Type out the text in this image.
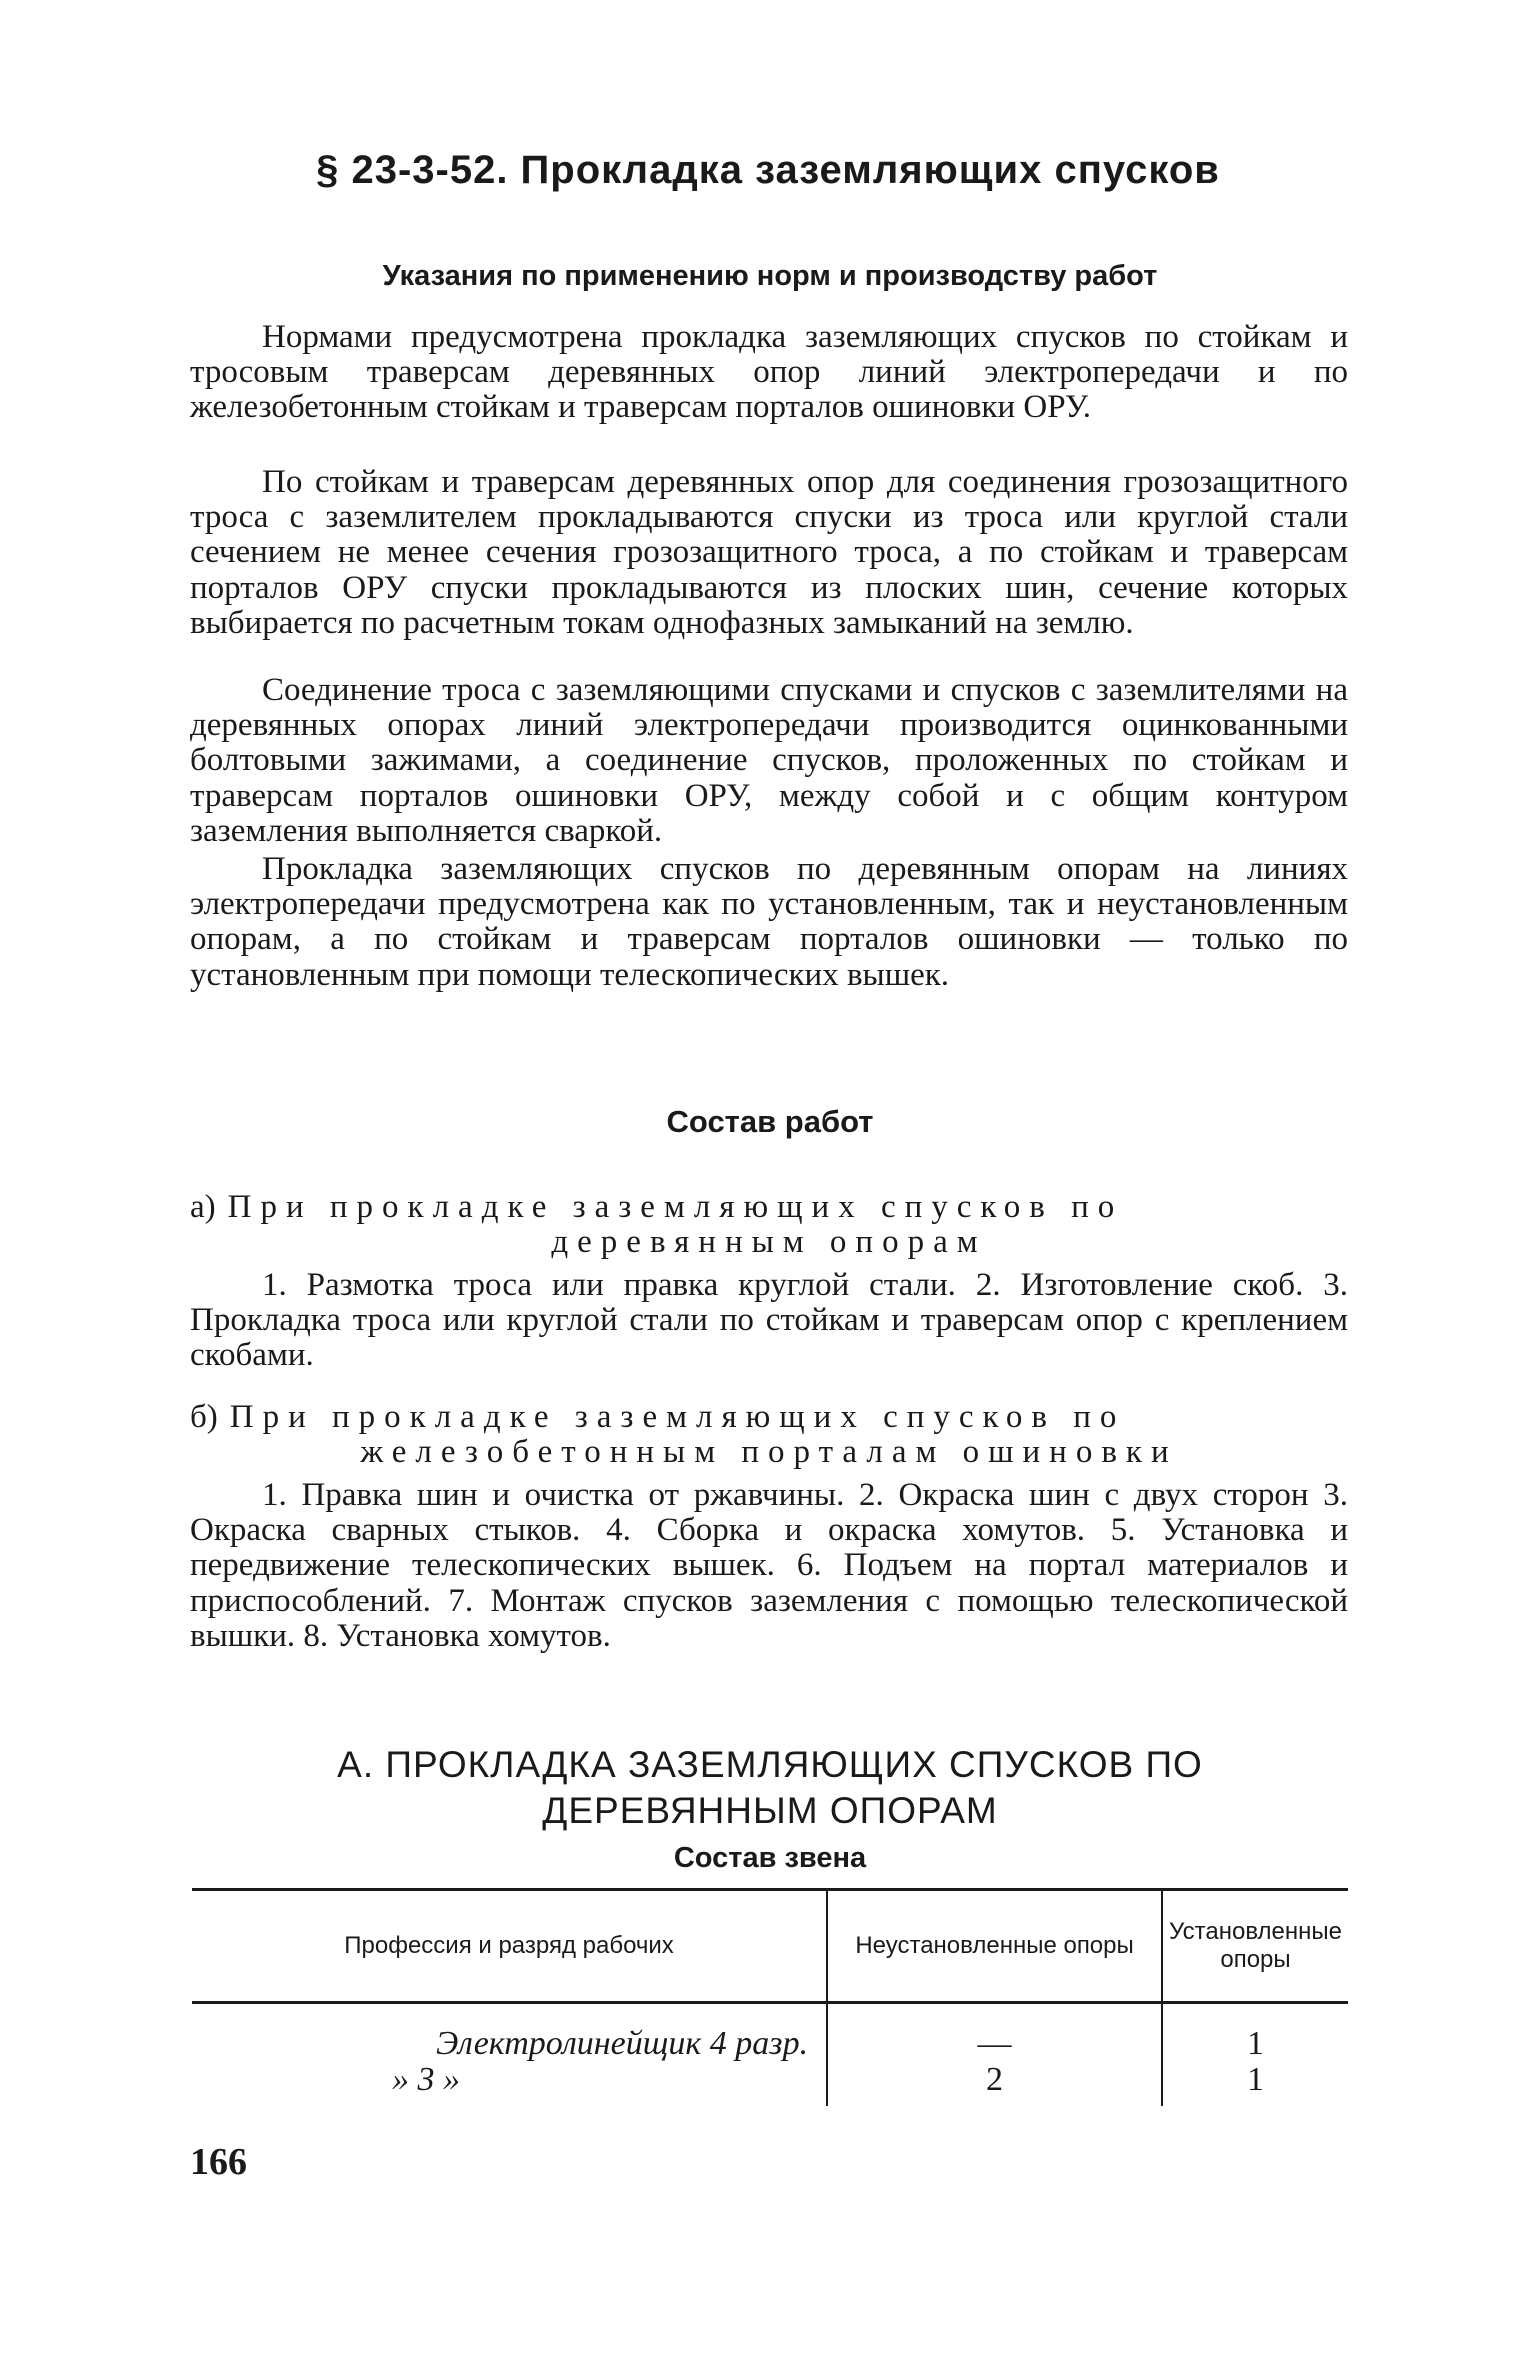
§ 23-3-52. Прокладка заземляющих спусков
Указания по применению норм и производству работ

Нормами предусмотрена прокладка заземляющих спусков по стойкам и тросовым траверсам деревянных опор линий электропередачи и по железобетонным стойкам и траверсам порталов ошиновки ОРУ.

По стойкам и траверсам деревянных опор для соединения грозозащитного троса с заземлителем прокладываются спуски из троса или круглой стали сечением не менее сечения грозозащитного троса, а по стойкам и траверсам порталов ОРУ спуски прокладываются из плоских шин, сечение которых выбирается по расчетным токам однофазных замыканий на землю.

Соединение троса с заземляющими спусками и спусков с заземлителями на деревянных опорах линий электропередачи производится оцинкованными болтовыми зажимами, а соединение спусков, проложенных по стойкам и траверсам порталов ошиновки ОРУ, между собой и с общим контуром заземления выполняется сваркой.

Прокладка заземляющих спусков по деревянным опорам на линиях электропередачи предусмотрена как по установленным, так и неустановленным опорам, а по стойкам и траверсам порталов ошиновки — только по установленным при помощи телескопических вышек.

Состав работ

а) При прокладке заземляющих спусков по
деревянным опорам

1. Размотка троса или правка круглой стали. 2. Изготовление скоб. 3. Прокладка троса или круглой стали по стойкам и траверсам опор с креплением скобами.

б) При прокладке заземляющих спусков по
железобетонным порталам ошиновки

1. Правка шин и очистка от ржавчины. 2. Окраска шин с двух сторон 3. Окраска сварных стыков. 4. Сборка и окраска хомутов. 5. Установка и передвижение телескопических вышек. 6. Подъем на портал материалов и приспособлений. 7. Монтаж спусков заземления с помощью телескопической вышки. 8. Установка хомутов.

А. ПРОКЛАДКА ЗАЗЕМЛЯЮЩИХ СПУСКОВ ПО
ДЕРЕВЯННЫМ ОПОРАМ
Состав звена
Профессия и разряд рабочих	Неустановленные опоры	Установленные опоры
Электролинейщик 4 разр.	—	1
» 3 »	2	1
166
